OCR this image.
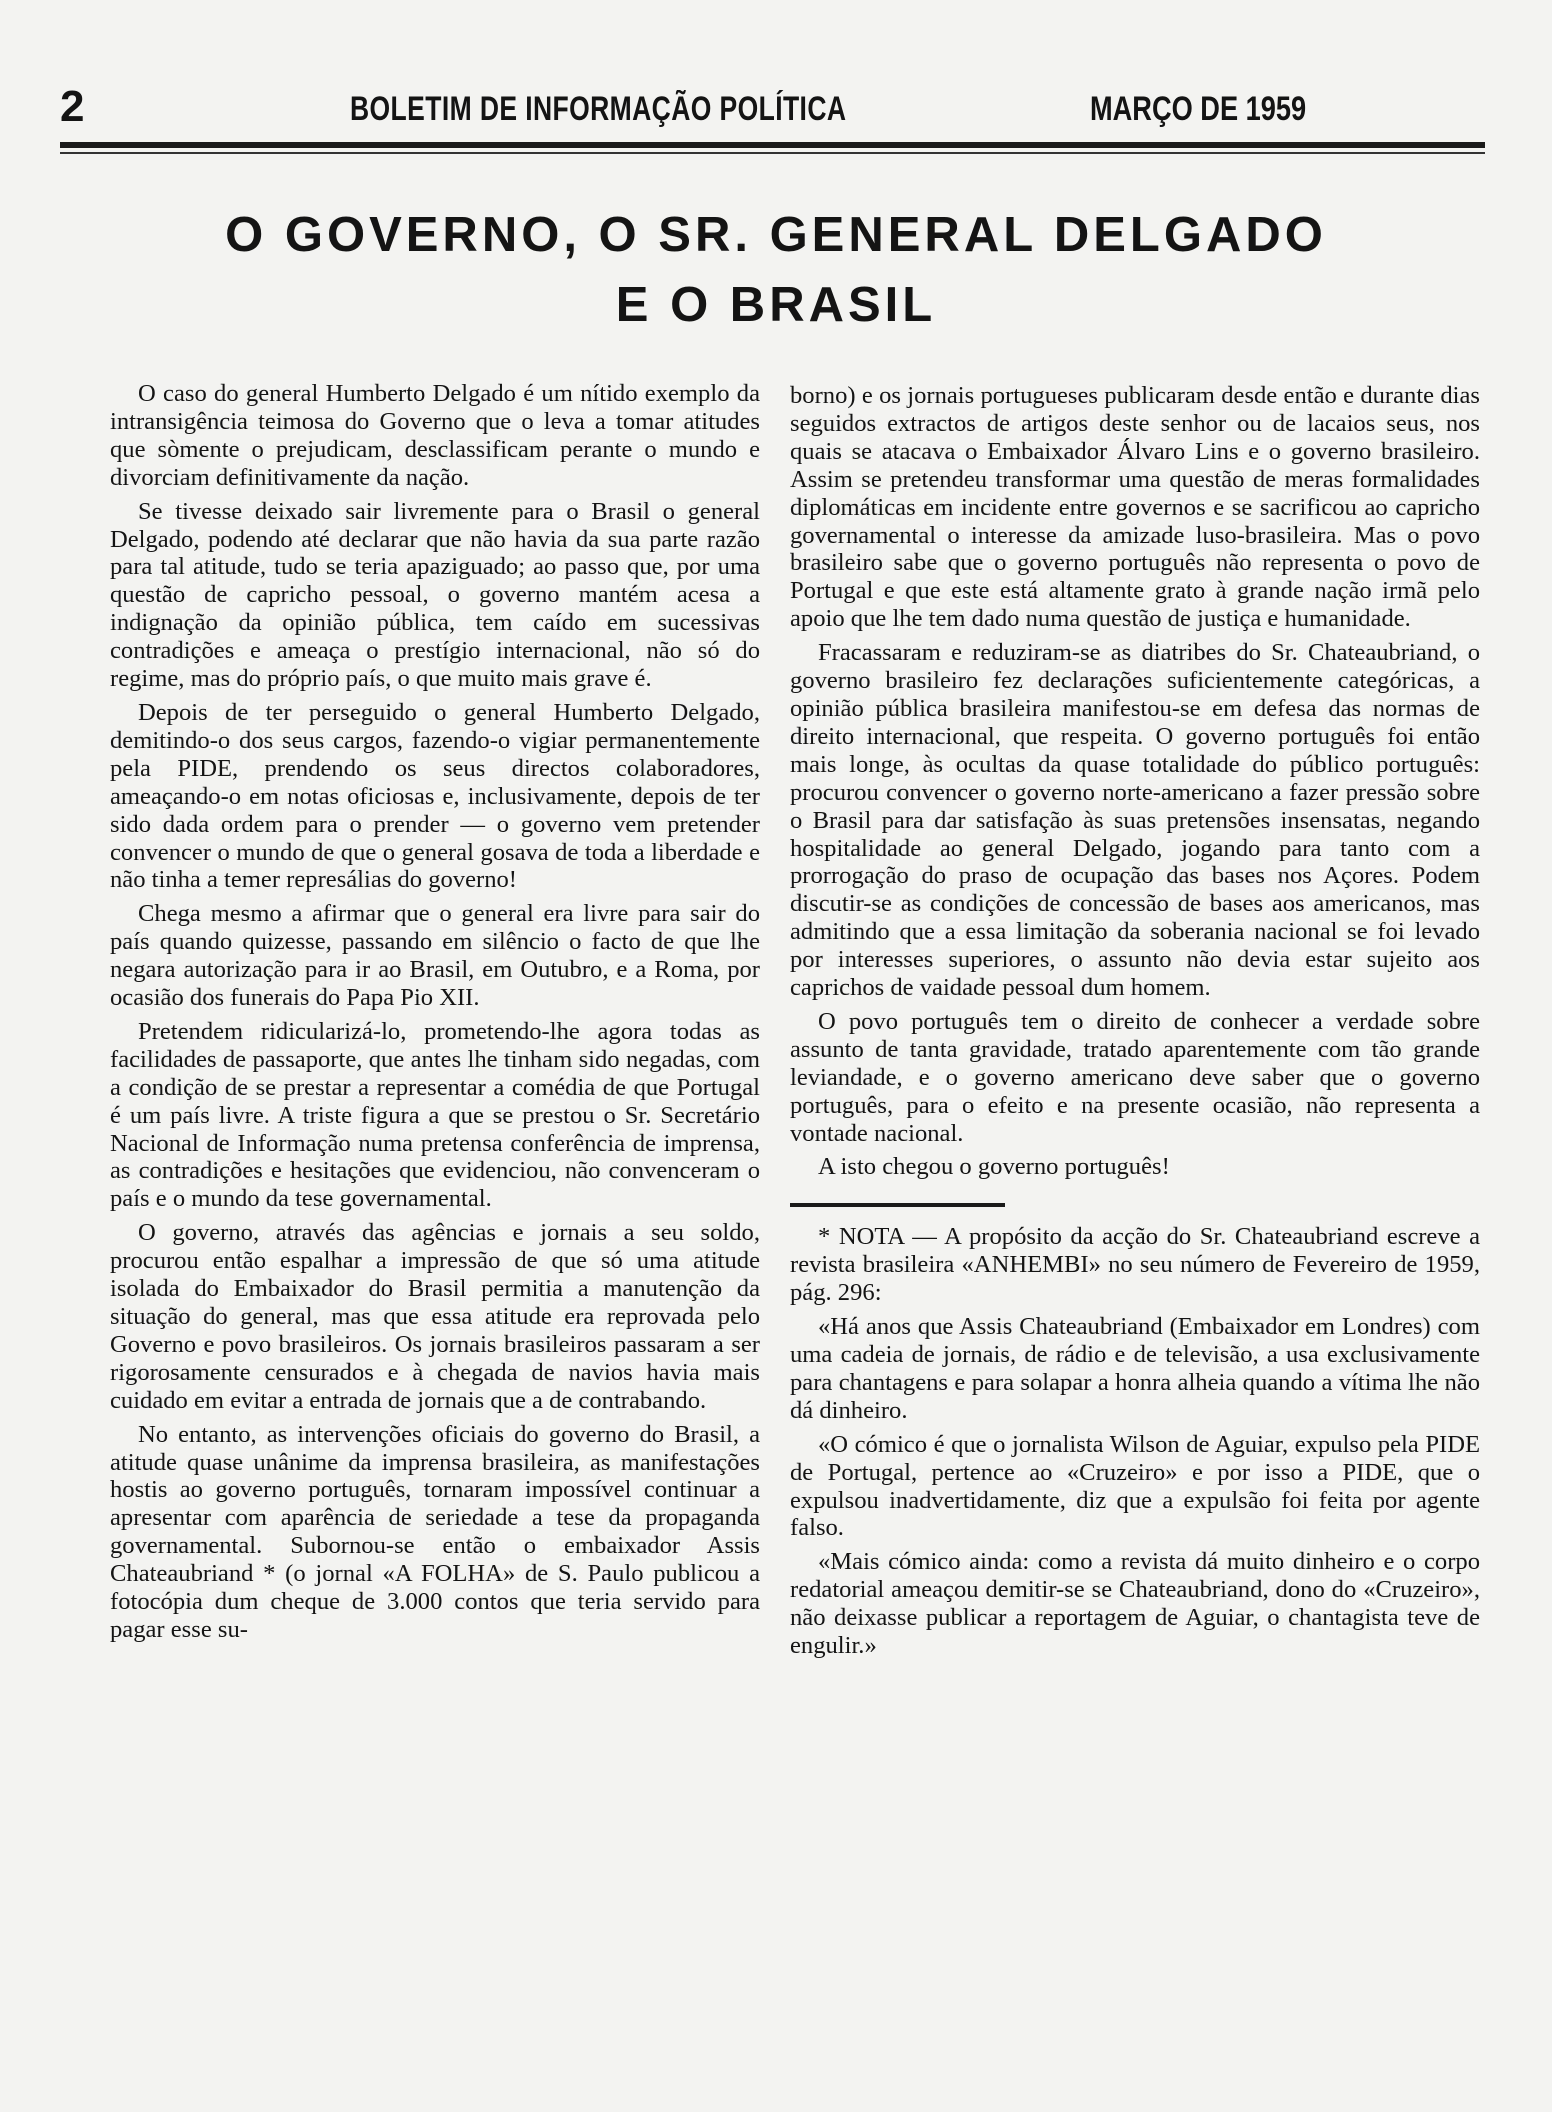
2	BOLETIM DE INFORMAÇÃO POLÍTICA	MARÇO DE 1959
O GOVERNO, O SR. GENERAL DELGADO
E O BRASIL

O caso do general Humberto Delgado é um nítido exemplo da intransigência teimosa do Governo que o leva a tomar atitudes que sòmente o prejudicam, desclassificam perante o mundo e divorciam definitivamente da nação.

Se tivesse deixado sair livremente para o Brasil o general Delgado, podendo até declarar que não havia da sua parte razão para tal atitude, tudo se teria apaziguado; ao passo que, por uma questão de capricho pessoal, o governo mantém acesa a indignação da opinião pública, tem caído em sucessivas contradições e ameaça o prestígio internacional, não só do regime, mas do próprio país, o que muito mais grave é.

Depois de ter perseguido o general Humberto Delgado, demitindo-o dos seus cargos, fazendo-o vigiar permanentemente pela PIDE, prendendo os seus directos colaboradores, ameaçando-o em notas oficiosas e, inclusivamente, depois de ter sido dada ordem para o prender — o governo vem pretender convencer o mundo de que o general gosava de toda a liberdade e não tinha a temer represálias do governo!

Chega mesmo a afirmar que o general era livre para sair do país quando quizesse, passando em silêncio o facto de que lhe negara autorização para ir ao Brasil, em Outubro, e a Roma, por ocasião dos funerais do Papa Pio XII.

Pretendem ridicularizá-lo, prometendo-lhe agora todas as facilidades de passaporte, que antes lhe tinham sido negadas, com a condição de se prestar a representar a comédia de que Portugal é um país livre. A triste figura a que se prestou o Sr. Secretário Nacional de Informação numa pretensa conferência de imprensa, as contradições e hesitações que evidenciou, não convenceram o país e o mundo da tese governamental.

O governo, através das agências e jornais a seu soldo, procurou então espalhar a impressão de que só uma atitude isolada do Embaixador do Brasil permitia a manutenção da situação do general, mas que essa atitude era reprovada pelo Governo e povo brasileiros. Os jornais brasileiros passaram a ser rigorosamente censurados e à chegada de navios havia mais cuidado em evitar a entrada de jornais que a de contrabando.

No entanto, as intervenções oficiais do governo do Brasil, a atitude quase unânime da imprensa brasileira, as manifestações hostis ao governo português, tornaram impossível continuar a apresentar com aparência de seriedade a tese da propaganda governamental. Subornou-se então o embaixador Assis Chateaubriand * (o jornal «A FOLHA» de S. Paulo publicou a fotocópia dum cheque de 3.000 contos que teria servido para pagar esse su-

borno) e os jornais portugueses publicaram desde então e durante dias seguidos extractos de artigos deste senhor ou de lacaios seus, nos quais se atacava o Embaixador Álvaro Lins e o governo brasileiro. Assim se pretendeu transformar uma questão de meras formalidades diplomáticas em incidente entre governos e se sacrificou ao capricho governamental o interesse da amizade luso-brasileira. Mas o povo brasileiro sabe que o governo português não representa o povo de Portugal e que este está altamente grato à grande nação irmã pelo apoio que lhe tem dado numa questão de justiça e humanidade.

Fracassaram e reduziram-se as diatribes do Sr. Chateaubriand, o governo brasileiro fez declarações suficientemente categóricas, a opinião pública brasileira manifestou-se em defesa das normas de direito internacional, que respeita. O governo português foi então mais longe, às ocultas da quase totalidade do público português: procurou convencer o governo norte-americano a fazer pressão sobre o Brasil para dar satisfação às suas pretensões insensatas, negando hospitalidade ao general Delgado, jogando para tanto com a prorrogação do praso de ocupação das bases nos Açores. Podem discutir-se as condições de concessão de bases aos americanos, mas admitindo que a essa limitação da soberania nacional se foi levado por interesses superiores, o assunto não devia estar sujeito aos caprichos de vaidade pessoal dum homem.

O povo português tem o direito de conhecer a verdade sobre assunto de tanta gravidade, tratado aparentemente com tão grande leviandade, e o governo americano deve saber que o governo português, para o efeito e na presente ocasião, não representa a vontade nacional.

A isto chegou o governo português!

* NOTA — A propósito da acção do Sr. Chateaubriand escreve a revista brasileira «ANHEMBI» no seu número de Fevereiro de 1959, pág. 296:

«Há anos que Assis Chateaubriand (Embaixador em Londres) com uma cadeia de jornais, de rádio e de televisão, a usa exclusivamente para chantagens e para solapar a honra alheia quando a vítima lhe não dá dinheiro.

«O cómico é que o jornalista Wilson de Aguiar, expulso pela PIDE de Portugal, pertence ao «Cruzeiro» e por isso a PIDE, que o expulsou inadvertidamente, diz que a expulsão foi feita por agente falso.

«Mais cómico ainda: como a revista dá muito dinheiro e o corpo redatorial ameaçou demitir-se se Chateaubriand, dono do «Cruzeiro», não deixasse publicar a reportagem de Aguiar, o chantagista teve de engulir.»
